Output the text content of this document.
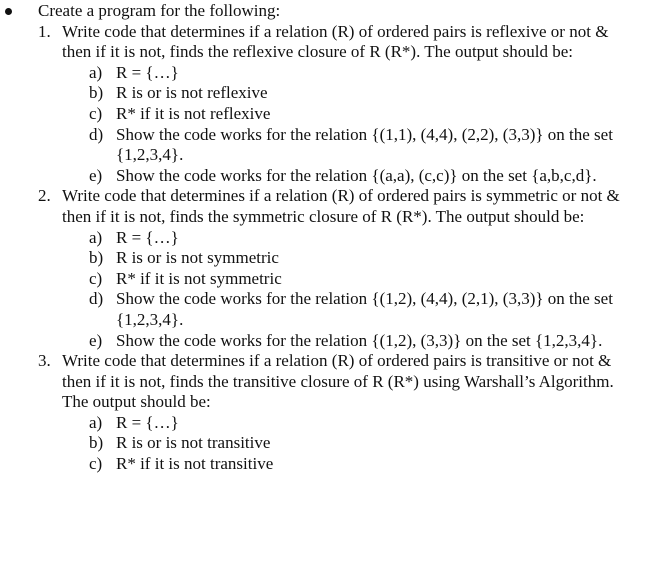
Create a program for the following:
1. Write code that determines if a relation (R) of ordered pairs is reflexive or not & then if it is not, finds the reflexive closure of R (R*). The output should be:
a) R = {…}
b) R is or is not reflexive
c) R* if it is not reflexive
d) Show the code works for the relation {(1,1), (4,4), (2,2), (3,3)} on the set {1,2,3,4}.
e) Show the code works for the relation {(a,a), (c,c)} on the set {a,b,c,d}.
2. Write code that determines if a relation (R) of ordered pairs is symmetric or not & then if it is not, finds the symmetric closure of R (R*). The output should be:
a) R = {…}
b) R is or is not symmetric
c) R* if it is not symmetric
d) Show the code works for the relation {(1,2), (4,4), (2,1), (3,3)} on the set {1,2,3,4}.
e) Show the code works for the relation {(1,2), (3,3)} on the set {1,2,3,4}.
3. Write code that determines if a relation (R) of ordered pairs is transitive or not & then if it is not, finds the transitive closure of R (R*) using Warshall’s Algorithm. The output should be:
a) R = {…}
b) R is or is not transitive
c) R* if it is not transitive
